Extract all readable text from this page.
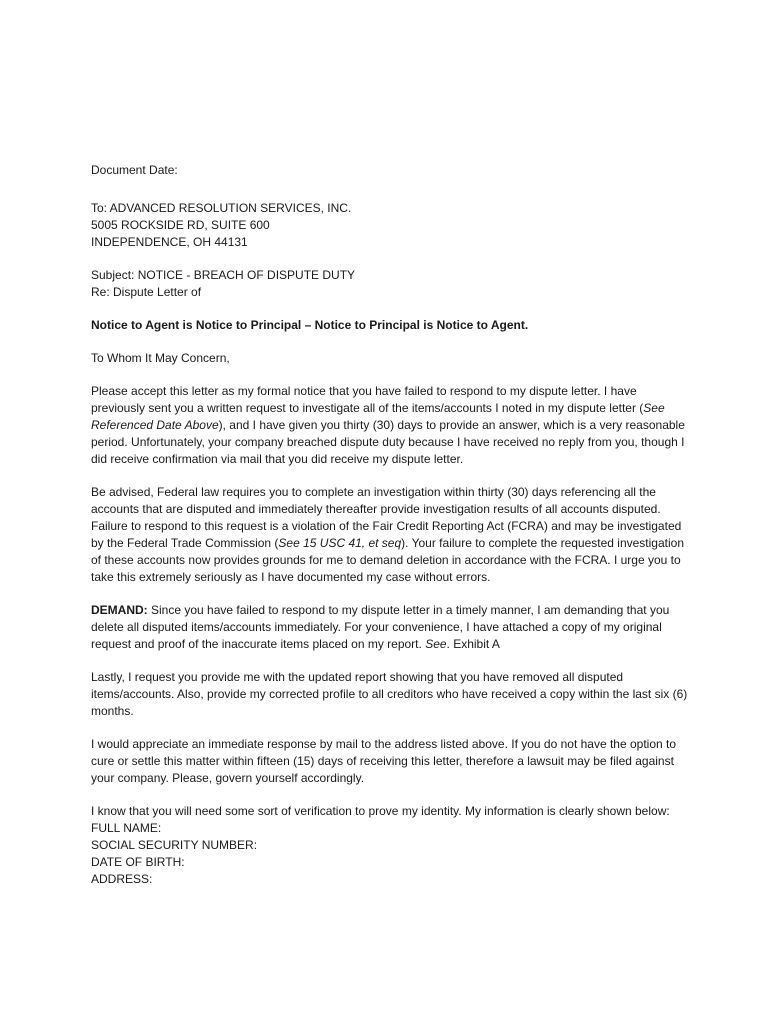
Document Date:
To: ADVANCED RESOLUTION SERVICES, INC.
5005 ROCKSIDE RD, SUITE 600
INDEPENDENCE, OH 44131
Subject: NOTICE - BREACH OF DISPUTE DUTY
Re: Dispute Letter of
Notice to Agent is Notice to Principal – Notice to Principal is Notice to Agent.
To Whom It May Concern,

Please accept this letter as my formal notice that you have failed to respond to my dispute letter. I have previously sent you a written request to investigate all of the items/accounts I noted in my dispute letter (See Referenced Date Above), and I have given you thirty (30) days to provide an answer, which is a very reasonable period. Unfortunately, your company breached dispute duty because I have received no reply from you, though I did receive confirmation via mail that you did receive my dispute letter.

Be advised, Federal law requires you to complete an investigation within thirty (30) days referencing all the accounts that are disputed and immediately thereafter provide investigation results of all accounts disputed. Failure to respond to this request is a violation of the Fair Credit Reporting Act (FCRA) and may be investigated by the Federal Trade Commission (See 15 USC 41, et seq). Your failure to complete the requested investigation of these accounts now provides grounds for me to demand deletion in accordance with the FCRA. I urge you to take this extremely seriously as I have documented my case without errors.

DEMAND: Since you have failed to respond to my dispute letter in a timely manner, I am demanding that you delete all disputed items/accounts immediately. For your convenience, I have attached a copy of my original request and proof of the inaccurate items placed on my report. See. Exhibit A

Lastly, I request you provide me with the updated report showing that you have removed all disputed items/accounts. Also, provide my corrected profile to all creditors who have received a copy within the last six (6) months.

I would appreciate an immediate response by mail to the address listed above. If you do not have the option to cure or settle this matter within fifteen (15) days of receiving this letter, therefore a lawsuit may be filed against your company. Please, govern yourself accordingly.

I know that you will need some sort of verification to prove my identity. My information is clearly shown below:

FULL NAME:
SOCIAL SECURITY NUMBER:
DATE OF BIRTH:
ADDRESS:
